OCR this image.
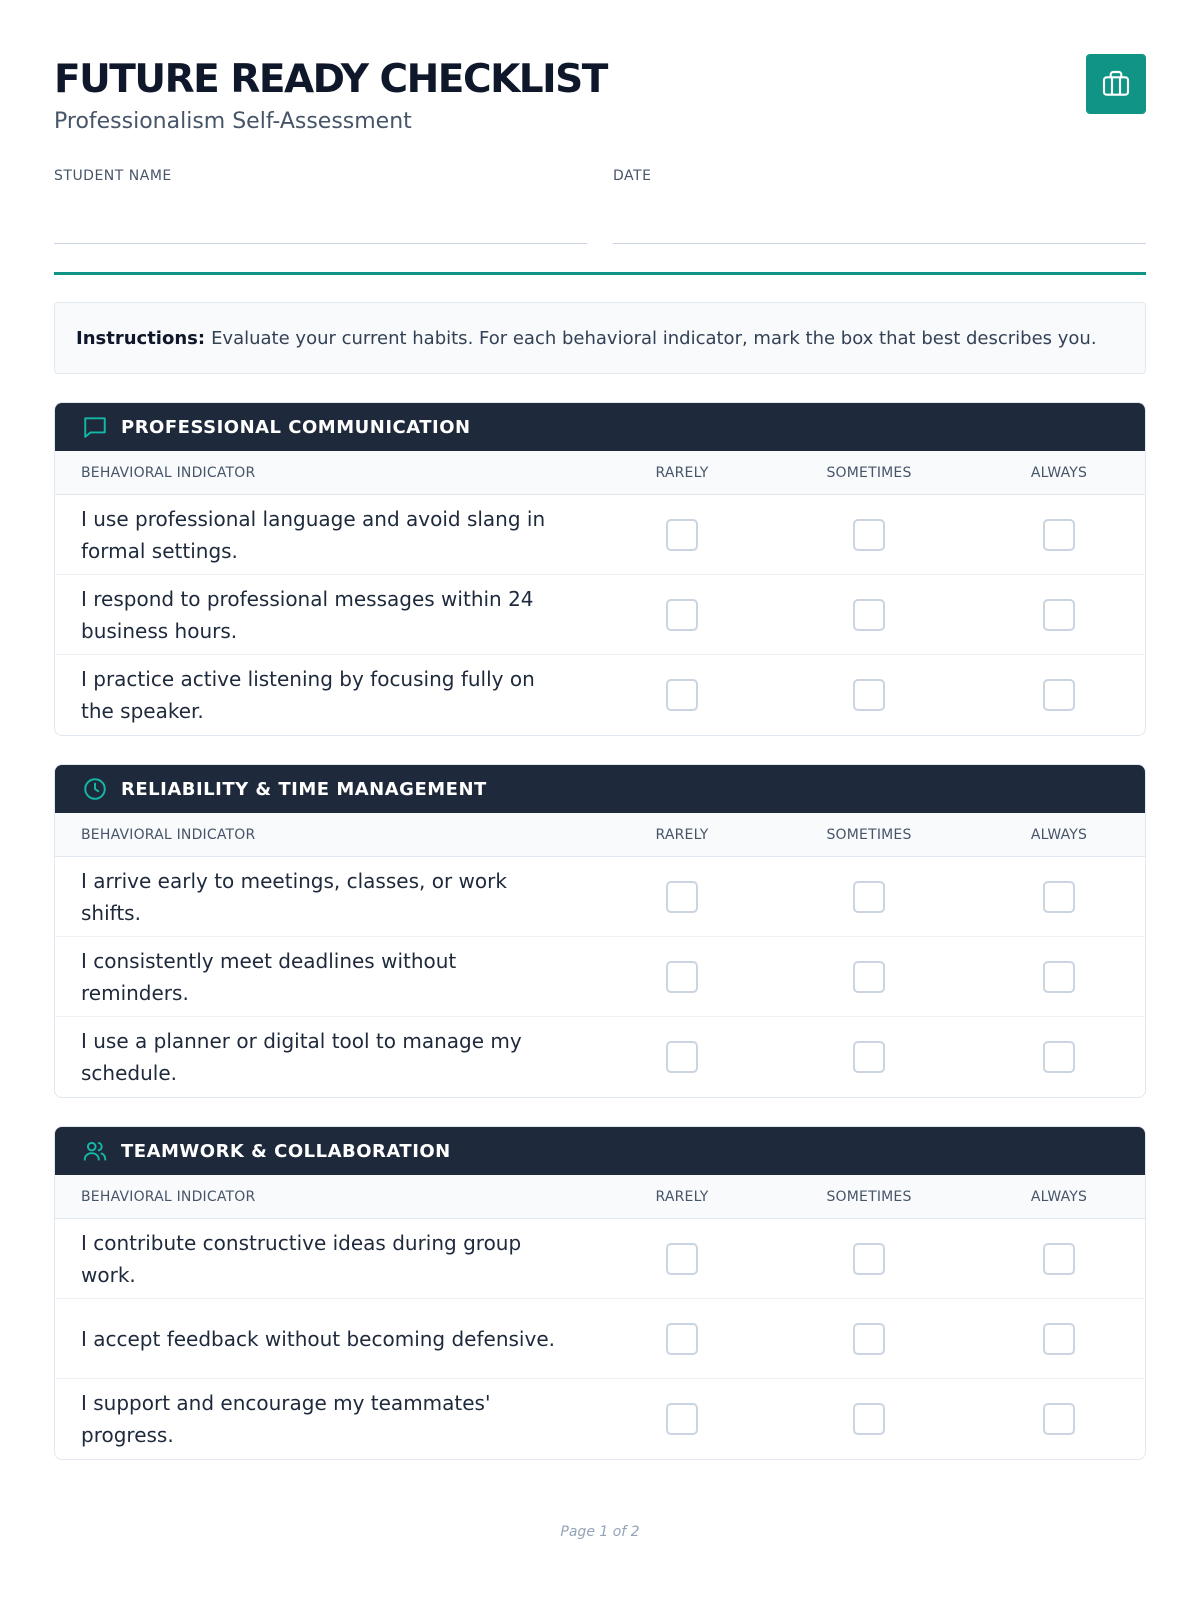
FUTURE READY CHECKLIST
Professionalism Self-Assessment
STUDENT NAME	DATE
Instructions: Evaluate your current habits. For each behavioral indicator, mark the box that best describes you.
PROFESSIONAL COMMUNICATION
BEHAVIORAL INDICATOR	RARELY	SOMETIMES	ALWAYS
I use professional language and avoid slang in formal settings.
I respond to professional messages within 24 business hours.
I practice active listening by focusing fully on the speaker.
RELIABILITY & TIME MANAGEMENT
BEHAVIORAL INDICATOR	RARELY	SOMETIMES	ALWAYS
I arrive early to meetings, classes, or work shifts.
I consistently meet deadlines without reminders.
I use a planner or digital tool to manage my schedule.
TEAMWORK & COLLABORATION
BEHAVIORAL INDICATOR	RARELY	SOMETIMES	ALWAYS
I contribute constructive ideas during group work.
I accept feedback without becoming defensive.
I support and encourage my teammates' progress.
Page 1 of 2
